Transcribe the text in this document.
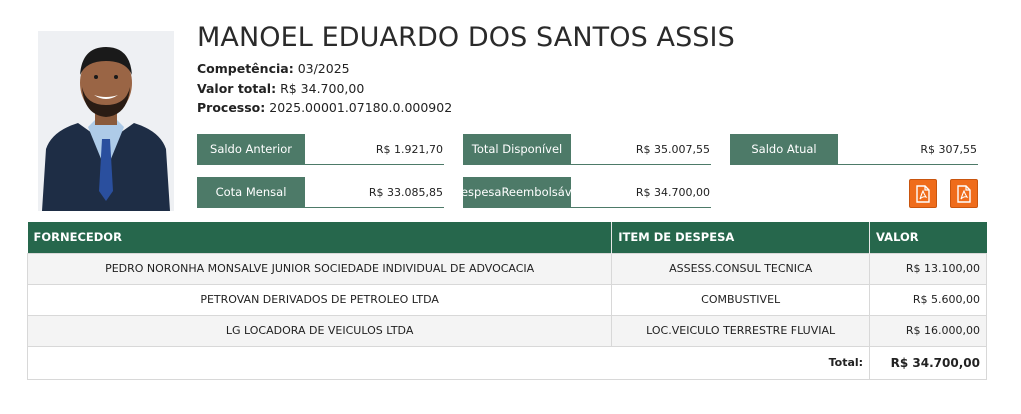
MANOEL EDUARDO DOS SANTOS ASSIS
Competência: 03/2025
Valor total: R$ 34.700,00
Processo: 2025.00001.07180.0.000902
Saldo Anterior	R$ 1.921,70	Total Disponível	R$ 35.007,55	Saldo Atual	R$ 307,55
Cota Mensal	R$ 33.085,85 Despesa Reembolsável	R$ 34.700,00
FORNECEDOR	ITEM DE DESPESA	VALOR
PEDRO NORONHA MONSALVE JUNIOR SOCIEDADE INDIVIDUAL DE ADVOCACIA	ASSESS.CONSUL TECNICA	R$ 13.100,00
PETROVAN DERIVADOS DE PETROLEO LTDA	COMBUSTIVEL	R$ 5.600,00
LG LOCADORA DE VEICULOS LTDA	LOC.VEICULO TERRESTRE FLUVIAL	R$ 16.000,00
Total:		R$ 34.700,00
